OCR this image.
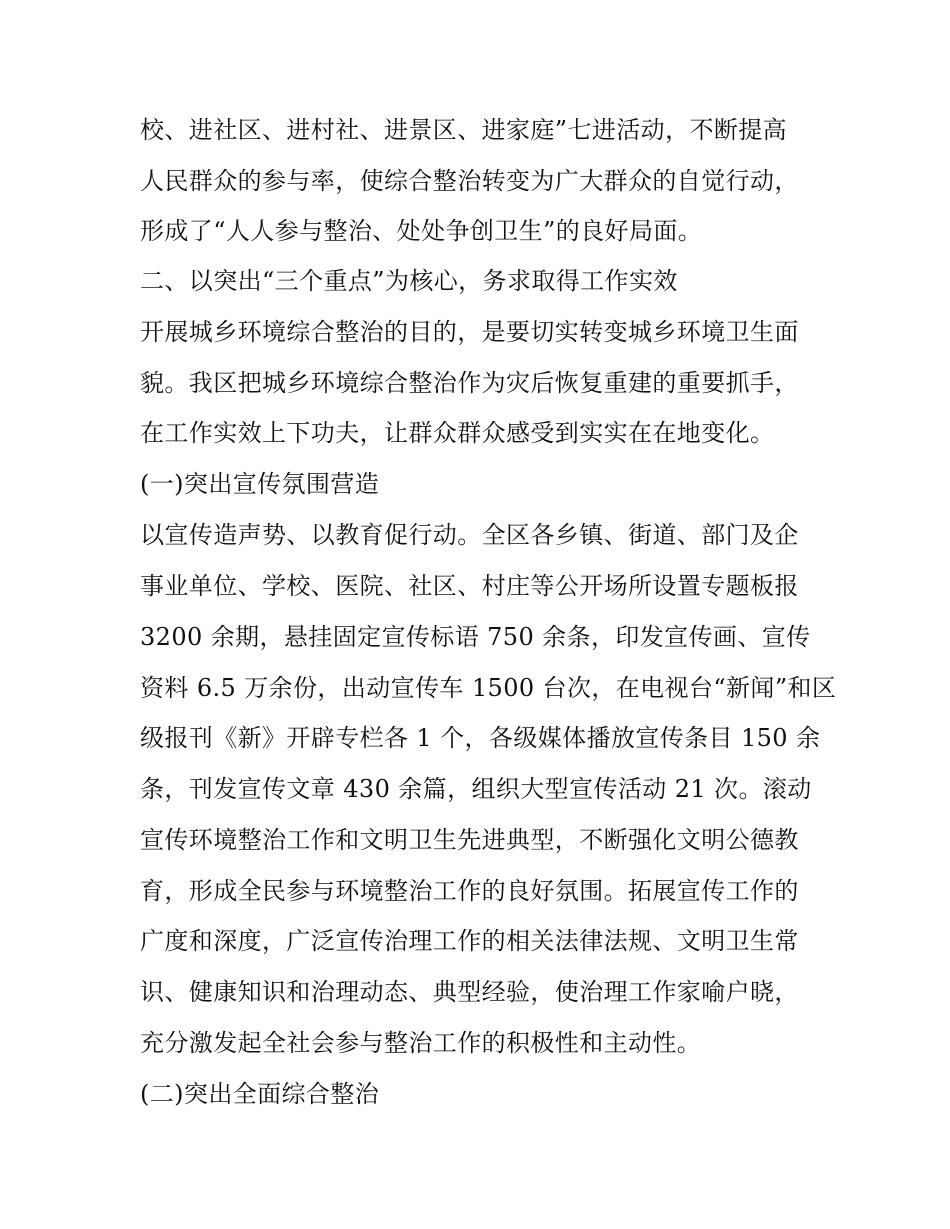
校、进社区、进村社、进景区、进家庭”七进活动，不断提高
人民群众的参与率，使综合整治转变为广大群众的自觉行动，
形成了“人人参与整治、处处争创卫生”的良好局面。
二、以突出“三个重点”为核心，务求取得工作实效
开展城乡环境综合整治的目的，是要切实转变城乡环境卫生面
貌。我区把城乡环境综合整治作为灾后恢复重建的重要抓手，
在工作实效上下功夫，让群众群众感受到实实在在地变化。
(一)突出宣传氛围营造
以宣传造声势、以教育促行动。全区各乡镇、街道、部门及企
事业单位、学校、医院、社区、村庄等公开场所设置专题板报
3200 余期，悬挂固定宣传标语 750 余条，印发宣传画、宣传
资料 6.5 万余份，出动宣传车 1500 台次，在电视台“新闻”和区
级报刊《新》开辟专栏各 1 个，各级媒体播放宣传条目 150 余
条，刊发宣传文章 430 余篇，组织大型宣传活动 21 次。滚动
宣传环境整治工作和文明卫生先进典型，不断强化文明公德教
育，形成全民参与环境整治工作的良好氛围。拓展宣传工作的
广度和深度，广泛宣传治理工作的相关法律法规、文明卫生常
识、健康知识和治理动态、典型经验，使治理工作家喻户晓，
充分激发起全社会参与整治工作的积极性和主动性。
(二)突出全面综合整治
